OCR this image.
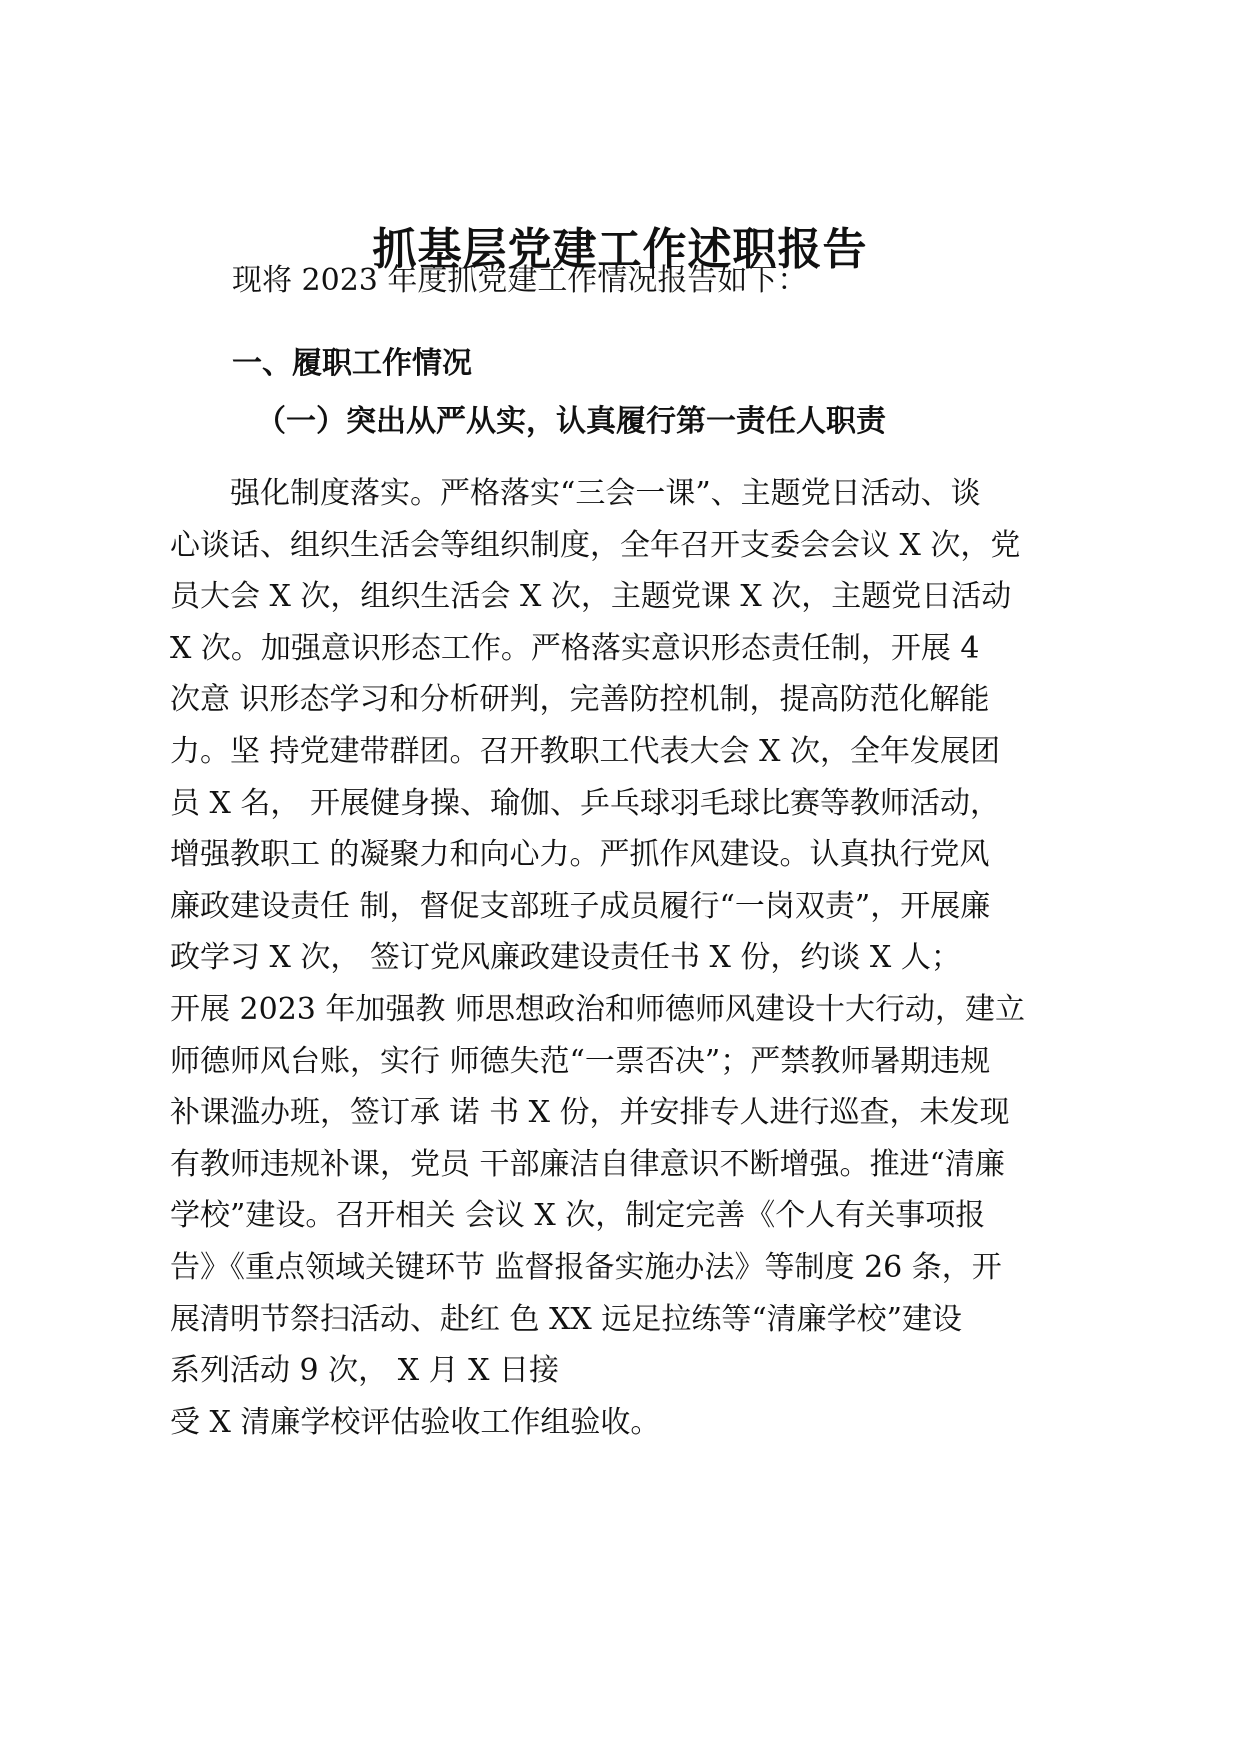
抓基层党建工作述职报告

现将 2023 年度抓党建工作情况报告如下：

一、履职工作情况
（一）突出从严从实，认真履行第一责任人职责
　　强化制度落实。严格落实“三会一课”、主题党日活动、谈
心谈话、组织生活会等组织制度，全年召开支委会会议 X 次，党
员大会 X 次，组织生活会 X 次，主题党课 X 次，主题党日活动
X 次。加强意识形态工作。严格落实意识形态责任制，开展 4
次意 识形态学习和分析研判，完善防控机制，提高防范化解能
力。坚 持党建带群团。召开教职工代表大会 X 次，全年发展团
员 X 名， 开展健身操、瑜伽、乒乓球羽毛球比赛等教师活动，
增强教职工 的凝聚力和向心力。严抓作风建设。认真执行党风
廉政建设责任 制，督促支部班子成员履行“一岗双责”，开展廉
政学习 X 次， 签订党风廉政建设责任书 X 份，约谈 X 人；
开展 2023 年加强教 师思想政治和师德师风建设十大行动，建立
师德师风台账，实行 师德失范“一票否决”；严禁教师暑期违规
补课滥办班，签订承 诺 书 X 份，并安排专人进行巡查，未发现
有教师违规补课，党员 干部廉洁自律意识不断增强。推进“清廉
学校”建设。召开相关 会议 X 次，制定完善《个人有关事项报
告》《重点领域关键环节 监督报备实施办法》等制度 26 条，开
展清明节祭扫活动、赴红 色 XX 远足拉练等“清廉学校”建设
系列活动 9 次， X 月 X 日接
受 X 清廉学校评估验收工作组验收。
